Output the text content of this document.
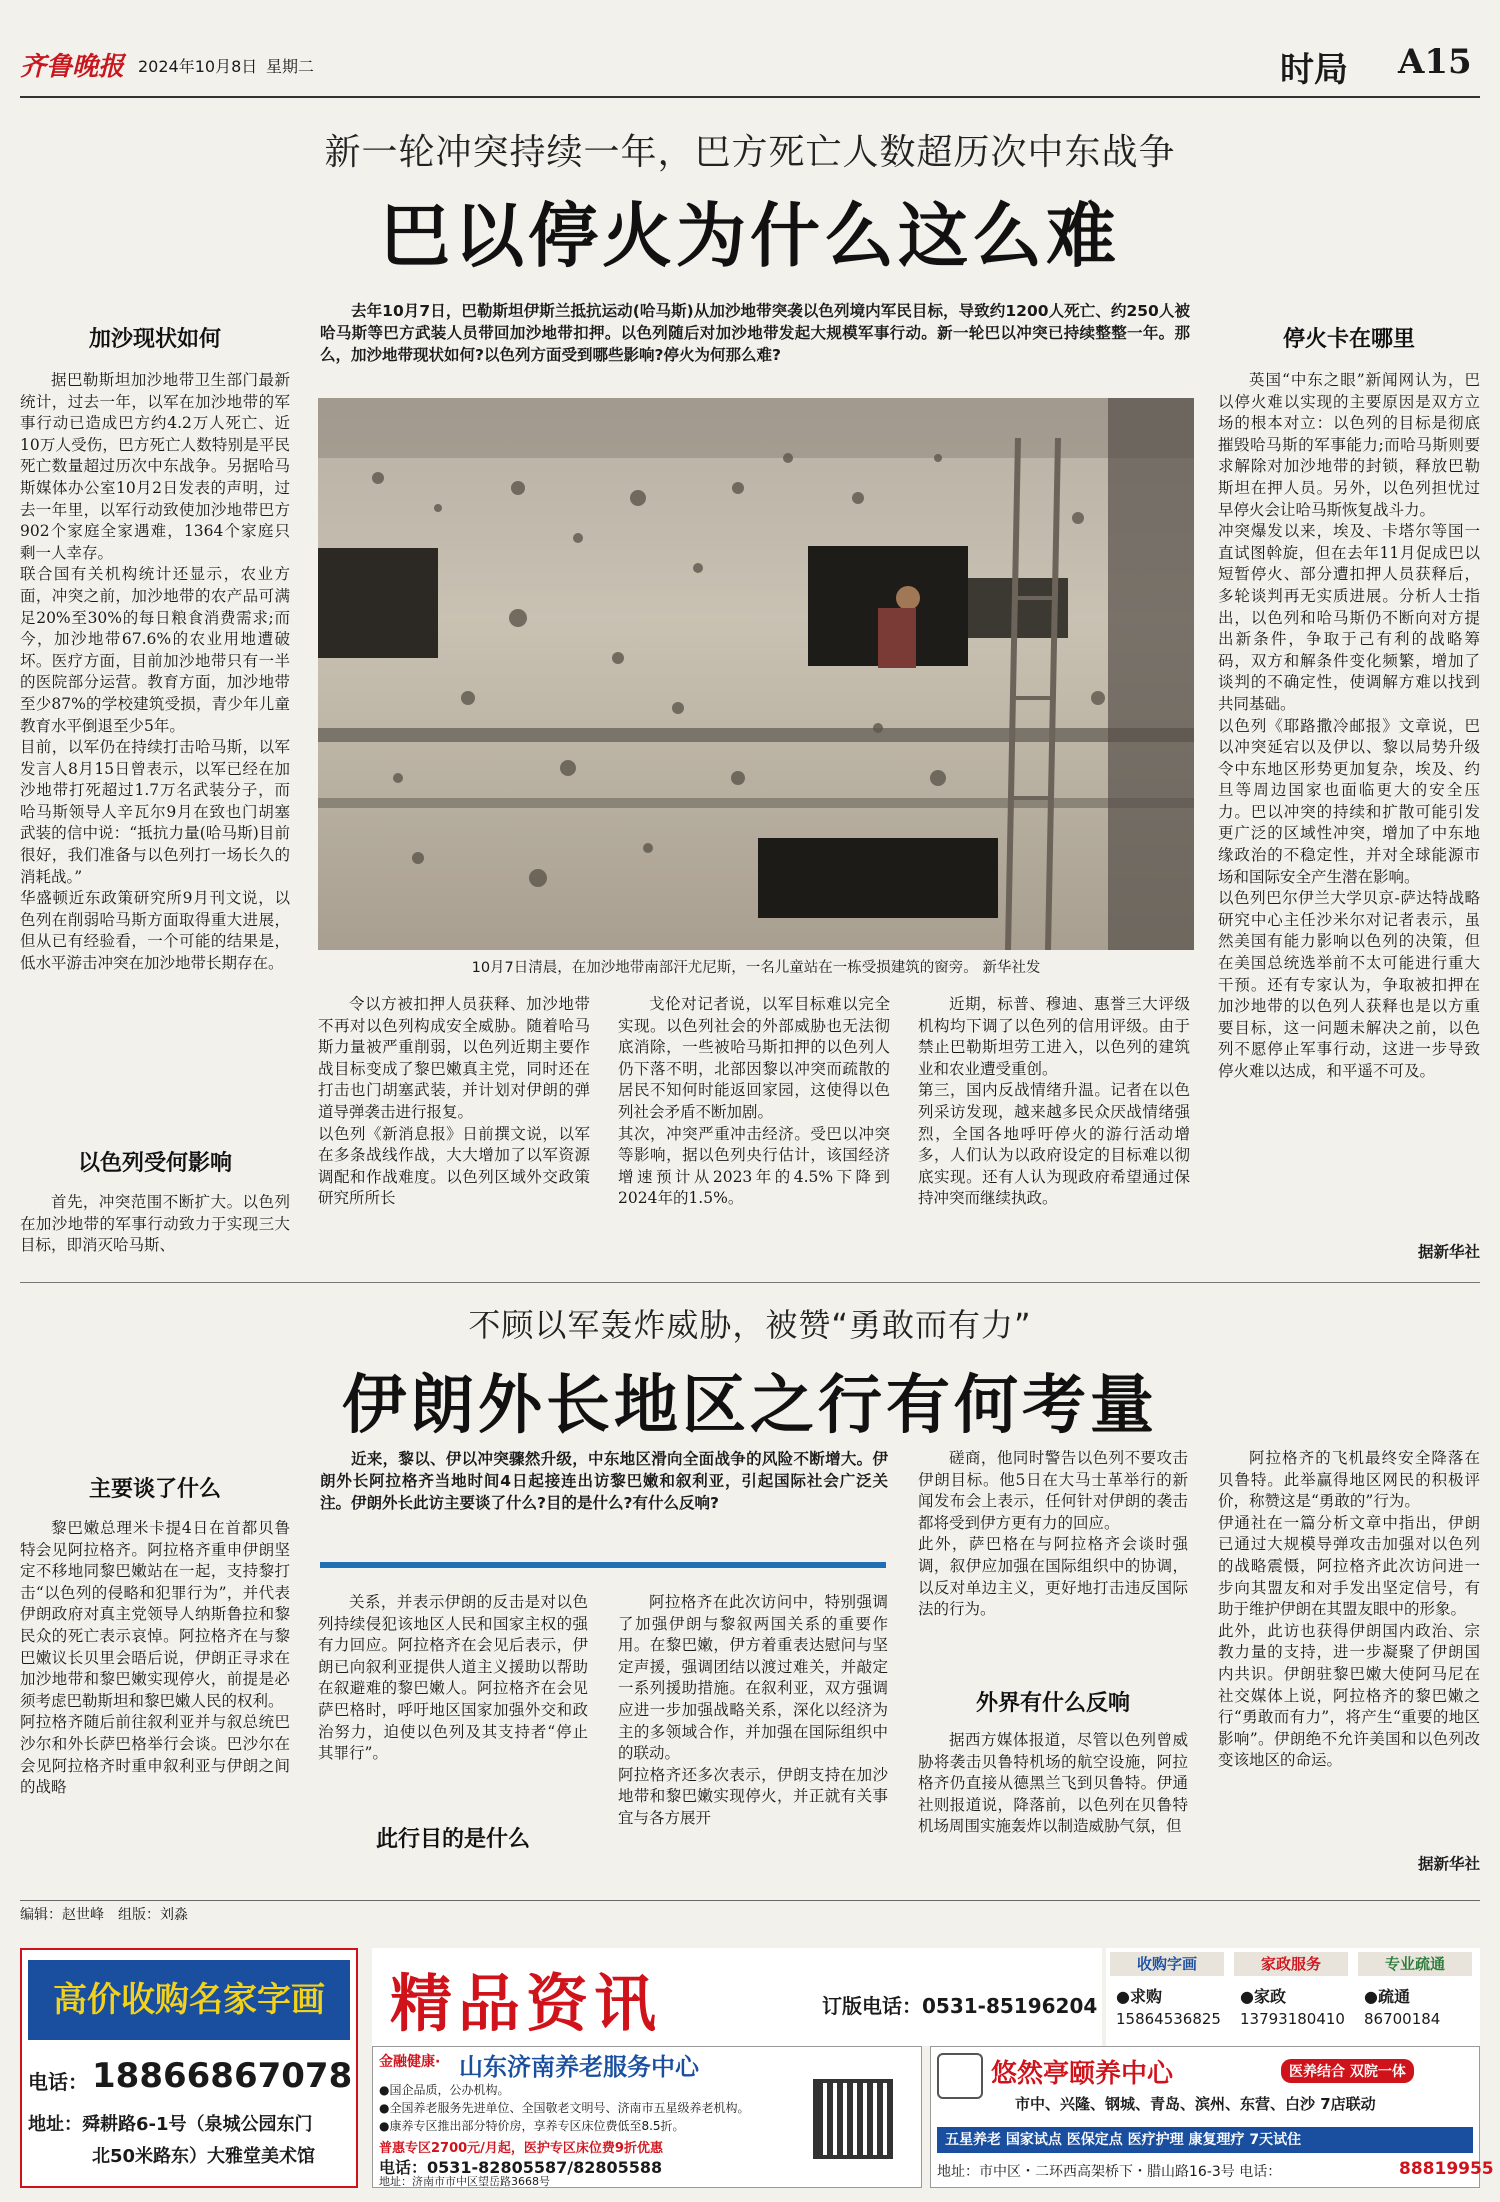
齐鲁晚报 2024年10月8日 星期二	时局 A15
新一轮冲突持续一年，巴方死亡人数超历次中东战争
巴以停火为什么这么难
加沙现状如何
据巴勒斯坦加沙地带卫生部门最新统计，过去一年，以军在加沙地带的军事行动已造成巴方约4.2万人死亡、近10万人受伤，巴方死亡人数特别是平民死亡数量超过历次中东战争。另据哈马斯媒体办公室10月2日发表的声明，过去一年里，以军行动致使加沙地带巴方902个家庭全家遇难，1364个家庭只剩一人幸存。
联合国有关机构统计还显示，农业方面，冲突之前，加沙地带的农产品可满足20%至30%的每日粮食消费需求;而今，加沙地带67.6%的农业用地遭破坏。医疗方面，目前加沙地带只有一半的医院部分运营。教育方面，加沙地带至少87%的学校建筑受损，青少年儿童教育水平倒退至少5年。
目前，以军仍在持续打击哈马斯，以军发言人8月15日曾表示，以军已经在加沙地带打死超过1.7万名武装分子，而哈马斯领导人辛瓦尔9月在致也门胡塞武装的信中说：“抵抗力量(哈马斯)目前很好，我们准备与以色列打一场长久的消耗战。”
华盛顿近东政策研究所9月刊文说，以色列在削弱哈马斯方面取得重大进展，但从已有经验看，一个可能的结果是，低水平游击冲突在加沙地带长期存在。
以色列受何影响
首先，冲突范围不断扩大。以色列在加沙地带的军事行动致力于实现三大目标，即消灭哈马斯、
去年10月7日，巴勒斯坦伊斯兰抵抗运动(哈马斯)从加沙地带突袭以色列境内军民目标，导致约1200人死亡、约250人被哈马斯等巴方武装人员带回加沙地带扣押。以色列随后对加沙地带发起大规模军事行动。新一轮巴以冲突已持续整整一年。那么，加沙地带现状如何?以色列方面受到哪些影响?停火为何那么难?
10月7日清晨，在加沙地带南部汗尤尼斯，一名儿童站在一栋受损建筑的窗旁。 新华社发
令以方被扣押人员获释、加沙地带不再对以色列构成安全威胁。随着哈马斯力量被严重削弱，以色列近期主要作战目标变成了黎巴嫩真主党，同时还在打击也门胡塞武装，并计划对伊朗的弹道导弹袭击进行报复。
以色列《新消息报》日前撰文说，以军在多条战线作战，大大增加了以军资源调配和作战难度。以色列区域外交政策研究所所长
戈伦对记者说，以军目标难以完全实现。以色列社会的外部威胁也无法彻底消除，一些被哈马斯扣押的以色列人仍下落不明，北部因黎以冲突而疏散的居民不知何时能返回家园，这使得以色列社会矛盾不断加剧。
其次，冲突严重冲击经济。受巴以冲突等影响，据以色列央行估计，该国经济增速预计从2023年的4.5%下降到2024年的1.5%。
近期，标普、穆迪、惠誉三大评级机构均下调了以色列的信用评级。由于禁止巴勒斯坦劳工进入，以色列的建筑业和农业遭受重创。
第三，国内反战情绪升温。记者在以色列采访发现，越来越多民众厌战情绪强烈，全国各地呼吁停火的游行活动增多，人们认为以政府设定的目标难以彻底实现。还有人认为现政府希望通过保持冲突而继续执政。
停火卡在哪里
英国“中东之眼”新闻网认为，巴以停火难以实现的主要原因是双方立场的根本对立：以色列的目标是彻底摧毁哈马斯的军事能力;而哈马斯则要求解除对加沙地带的封锁，释放巴勒斯坦在押人员。另外，以色列担忧过早停火会让哈马斯恢复战斗力。
冲突爆发以来，埃及、卡塔尔等国一直试图斡旋，但在去年11月促成巴以短暂停火、部分遭扣押人员获释后，多轮谈判再无实质进展。分析人士指出，以色列和哈马斯仍不断向对方提出新条件，争取于己有利的战略筹码，双方和解条件变化频繁，增加了谈判的不确定性，使调解方难以找到共同基础。
以色列《耶路撒冷邮报》文章说，巴以冲突延宕以及伊以、黎以局势升级令中东地区形势更加复杂，埃及、约旦等周边国家也面临更大的安全压力。巴以冲突的持续和扩散可能引发更广泛的区域性冲突，增加了中东地缘政治的不稳定性，并对全球能源市场和国际安全产生潜在影响。
以色列巴尔伊兰大学贝京-萨达特战略研究中心主任沙米尔对记者表示，虽然美国有能力影响以色列的决策，但在美国总统选举前不太可能进行重大干预。还有专家认为，争取被扣押在加沙地带的以色列人获释也是以方重要目标，这一问题未解决之前，以色列不愿停止军事行动，这进一步导致停火难以达成，和平遥不可及。
据新华社
不顾以军轰炸威胁，被赞“勇敢而有力”
伊朗外长地区之行有何考量
主要谈了什么
黎巴嫩总理米卡提4日在首都贝鲁特会见阿拉格齐。阿拉格齐重申伊朗坚定不移地同黎巴嫩站在一起，支持黎打击“以色列的侵略和犯罪行为”，并代表伊朗政府对真主党领导人纳斯鲁拉和黎民众的死亡表示哀悼。阿拉格齐在与黎巴嫩议长贝里会晤后说，伊朗正寻求在加沙地带和黎巴嫩实现停火，前提是必须考虑巴勒斯坦和黎巴嫩人民的权利。
阿拉格齐随后前往叙利亚并与叙总统巴沙尔和外长萨巴格举行会谈。巴沙尔在会见阿拉格齐时重申叙利亚与伊朗之间的战略
近来，黎以、伊以冲突骤然升级，中东地区滑向全面战争的风险不断增大。伊朗外长阿拉格齐当地时间4日起接连出访黎巴嫩和叙利亚，引起国际社会广泛关注。伊朗外长此访主要谈了什么?目的是什么?有什么反响?
关系，并表示伊朗的反击是对以色列持续侵犯该地区人民和国家主权的强有力回应。阿拉格齐在会见后表示，伊朗已向叙利亚提供人道主义援助以帮助在叙避难的黎巴嫩人。阿拉格齐在会见萨巴格时，呼吁地区国家加强外交和政治努力，迫使以色列及其支持者“停止其罪行”。
此行目的是什么
阿拉格齐在此次访问中，特别强调了加强伊朗与黎叙两国关系的重要作用。在黎巴嫩，伊方着重表达慰问与坚定声援，强调团结以渡过难关，并敲定一系列援助措施。在叙利亚，双方强调应进一步加强战略关系，深化以经济为主的多领域合作，并加强在国际组织中的联动。
阿拉格齐还多次表示，伊朗支持在加沙地带和黎巴嫩实现停火，并正就有关事宜与各方展开
磋商，他同时警告以色列不要攻击伊朗目标。他5日在大马士革举行的新闻发布会上表示，任何针对伊朗的袭击都将受到伊方更有力的回应。
此外，萨巴格在与阿拉格齐会谈时强调，叙伊应加强在国际组织中的协调，以反对单边主义，更好地打击违反国际法的行为。
外界有什么反响
据西方媒体报道，尽管以色列曾威胁将袭击贝鲁特机场的航空设施，阿拉格齐仍直接从德黑兰飞到贝鲁特。伊通社则报道说，降落前，以色列在贝鲁特机场周围实施轰炸以制造威胁气氛，但
阿拉格齐的飞机最终安全降落在贝鲁特。此举赢得地区网民的积极评价，称赞这是“勇敢的”行为。
伊通社在一篇分析文章中指出，伊朗已通过大规模导弹攻击加强对以色列的战略震慑，阿拉格齐此次访问进一步向其盟友和对手发出坚定信号，有助于维护伊朗在其盟友眼中的形象。
此外，此访也获得伊朗国内政治、宗教力量的支持，进一步凝聚了伊朗国内共识。伊朗驻黎巴嫩大使阿马尼在社交媒体上说，阿拉格齐的黎巴嫩之行“勇敢而有力”，将产生“重要的地区影响”。伊朗绝不允许美国和以色列改变该地区的命运。
据新华社
编辑：赵世峰　组版：刘淼
高价收购名家字画
电话： 18866867078
地址：舜耕路6-1号（泉城公园东门
北50米路东）大雅堂美术馆
精品资讯	订版电话：0531-85196204
金融健康· 山东济南养老服务中心
●国企品质，公办机构。
●全国养老服务先进单位、全国敬老文明号、济南市五星级养老机构。
●康养专区推出部分特价房，享养专区床位费低至8.5折。
普惠专区2700元/月起，医护专区床位费9折优惠
电话：0531-82805587/82805588
地址：济南市市中区望岳路3668号
收购字画	家政服务	专业疏通
●求购
15864536825
●家政
13793180410
●疏通
86700184
悠然亭颐养中心	医养结合 双院一体
市中、兴隆、钢城、青岛、滨州、东营、白沙 7店联动
五星养老 国家试点 医保定点 医疗护理 康复理疗 7天试住
地址：市中区・二环西高架桥下・腊山路16-3号 电话：	88819955
